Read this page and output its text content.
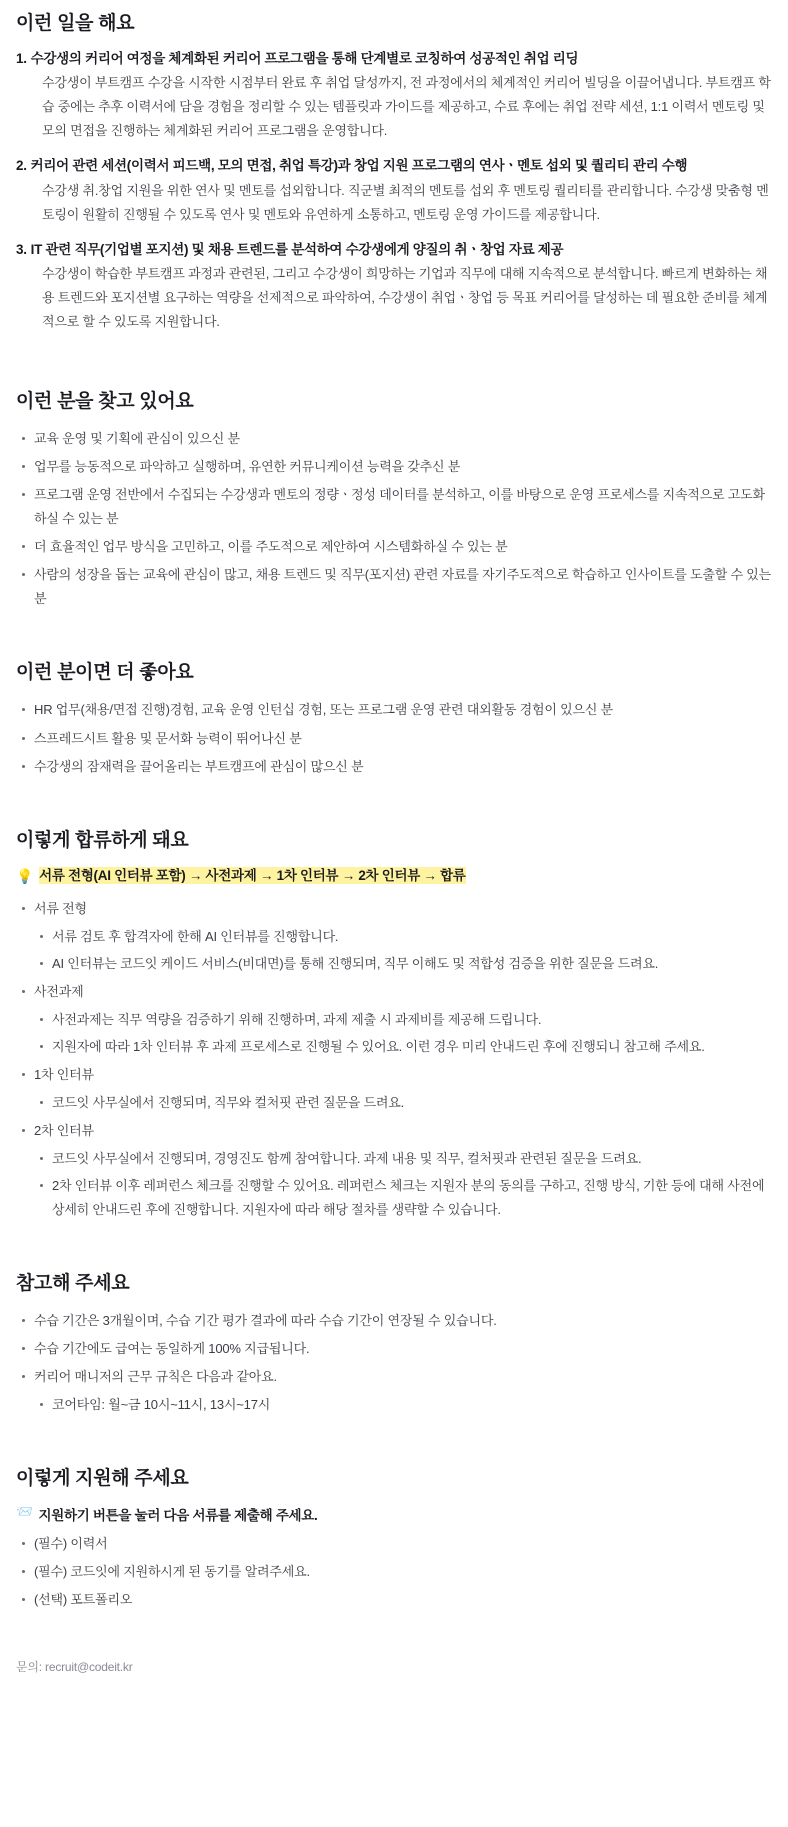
이런 일을 해요
수강생의 커리어 여정을 체계화된 커리어 프로그램을 통해 단계별로 코칭하여 성공적인 취업 리딩
수강생이 부트캠프 수강을 시작한 시점부터 완료 후 취업 달성까지, 전 과정에서의 체계적인 커리어 빌딩을 이끌어냅니다. 부트캠프 학습 중에는 추후 이력서에 담을 경험을 정리할 수 있는 템플릿과 가이드를 제공하고, 수료 후에는 취업 전략 세션, 1:1 이력서 멘토링 및 모의 면접을 진행하는 체계화된 커리어 프로그램을 운영합니다.
커리어 관련 세션(이력서 피드백, 모의 면접, 취업 특강)과 창업 지원 프로그램의 연사ㆍ멘토 섭외 및 퀄리티 관리 수행
수강생 취.창업 지원을 위한 연사 및 멘토를 섭외합니다. 직군별 최적의 멘토를 섭외 후 멘토링 퀄리티를 관리합니다. 수강생 맞춤형 멘토링이 원활히 진행될 수 있도록 연사 및 멘토와 유연하게 소통하고, 멘토링 운영 가이드를 제공합니다.
IT 관련 직무(기업별 포지션) 및 채용 트렌드를 분석하여 수강생에게 양질의 취ㆍ창업 자료 제공
수강생이 학습한 부트캠프 과정과 관련된, 그리고 수강생이 희망하는 기업과 직무에 대해 지속적으로 분석합니다. 빠르게 변화하는 채용 트렌드와 포지션별 요구하는 역량을 선제적으로 파악하여, 수강생이 취업ㆍ창업 등 목표 커리어를 달성하는 데 필요한 준비를 체계적으로 할 수 있도록 지원합니다.
이런 분을 찾고 있어요
교육 운영 및 기획에 관심이 있으신 분
업무를 능동적으로 파악하고 실행하며, 유연한 커뮤니케이션 능력을 갖추신 분
프로그램 운영 전반에서 수집되는 수강생과 멘토의 정량ㆍ정성 데이터를 분석하고, 이를 바탕으로 운영 프로세스를 지속적으로 고도화하실 수 있는 분
더 효율적인 업무 방식을 고민하고, 이를 주도적으로 제안하여 시스템화하실 수 있는 분
사람의 성장을 돕는 교육에 관심이 많고, 채용 트렌드 및 직무(포지션) 관련 자료를 자기주도적으로 학습하고 인사이트를 도출할 수 있는 분
이런 분이면 더 좋아요
HR 업무(채용/면접 진행)경험, 교육 운영 인턴십 경험, 또는 프로그램 운영 관련 대외활동 경험이 있으신 분
스프레드시트 활용 및 문서화 능력이 뛰어나신 분
수강생의 잠재력을 끌어올리는 부트캠프에 관심이 많으신 분
이렇게 합류하게 돼요
💡 서류 전형(AI 인터뷰 포함) → 사전과제 → 1차 인터뷰 → 2차 인터뷰 → 합류
서류 전형
서류 검토 후 합격자에 한해 AI 인터뷰를 진행합니다.
AI 인터뷰는 코드잇 케이드 서비스(비대면)를 통해 진행되며, 직무 이해도 및 적합성 검증을 위한 질문을 드려요.
사전과제
사전과제는 직무 역량을 검증하기 위해 진행하며, 과제 제출 시 과제비를 제공해 드립니다.
지원자에 따라 1차 인터뷰 후 과제 프로세스로 진행될 수 있어요. 이런 경우 미리 안내드린 후에 진행되니 참고해 주세요.
1차 인터뷰
코드잇 사무실에서 진행되며, 직무와 컬처핏 관련 질문을 드려요.
2차 인터뷰
코드잇 사무실에서 진행되며, 경영진도 함께 참여합니다. 과제 내용 및 직무, 컬처핏과 관련된 질문을 드려요.
2차 인터뷰 이후 레퍼런스 체크를 진행할 수 있어요. 레퍼런스 체크는 지원자 분의 동의를 구하고, 진행 방식, 기한 등에 대해 사전에 상세히 안내드린 후에 진행합니다. 지원자에 따라 해당 절차를 생략할 수 있습니다.
참고해 주세요
수습 기간은 3개월이며, 수습 기간 평가 결과에 따라 수습 기간이 연장될 수 있습니다.
수습 기간에도 급여는 동일하게 100% 지급됩니다.
커리어 매니저의 근무 규칙은 다음과 같아요.
코어타임: 월~금 10시~11시, 13시~17시
이렇게 지원해 주세요
📨 지원하기 버튼을 눌러 다음 서류를 제출해 주세요.
(필수) 이력서
(필수) 코드잇에 지원하시게 된 동기를 알려주세요.
(선택) 포트폴리오
문의: recruit@codeit.kr
